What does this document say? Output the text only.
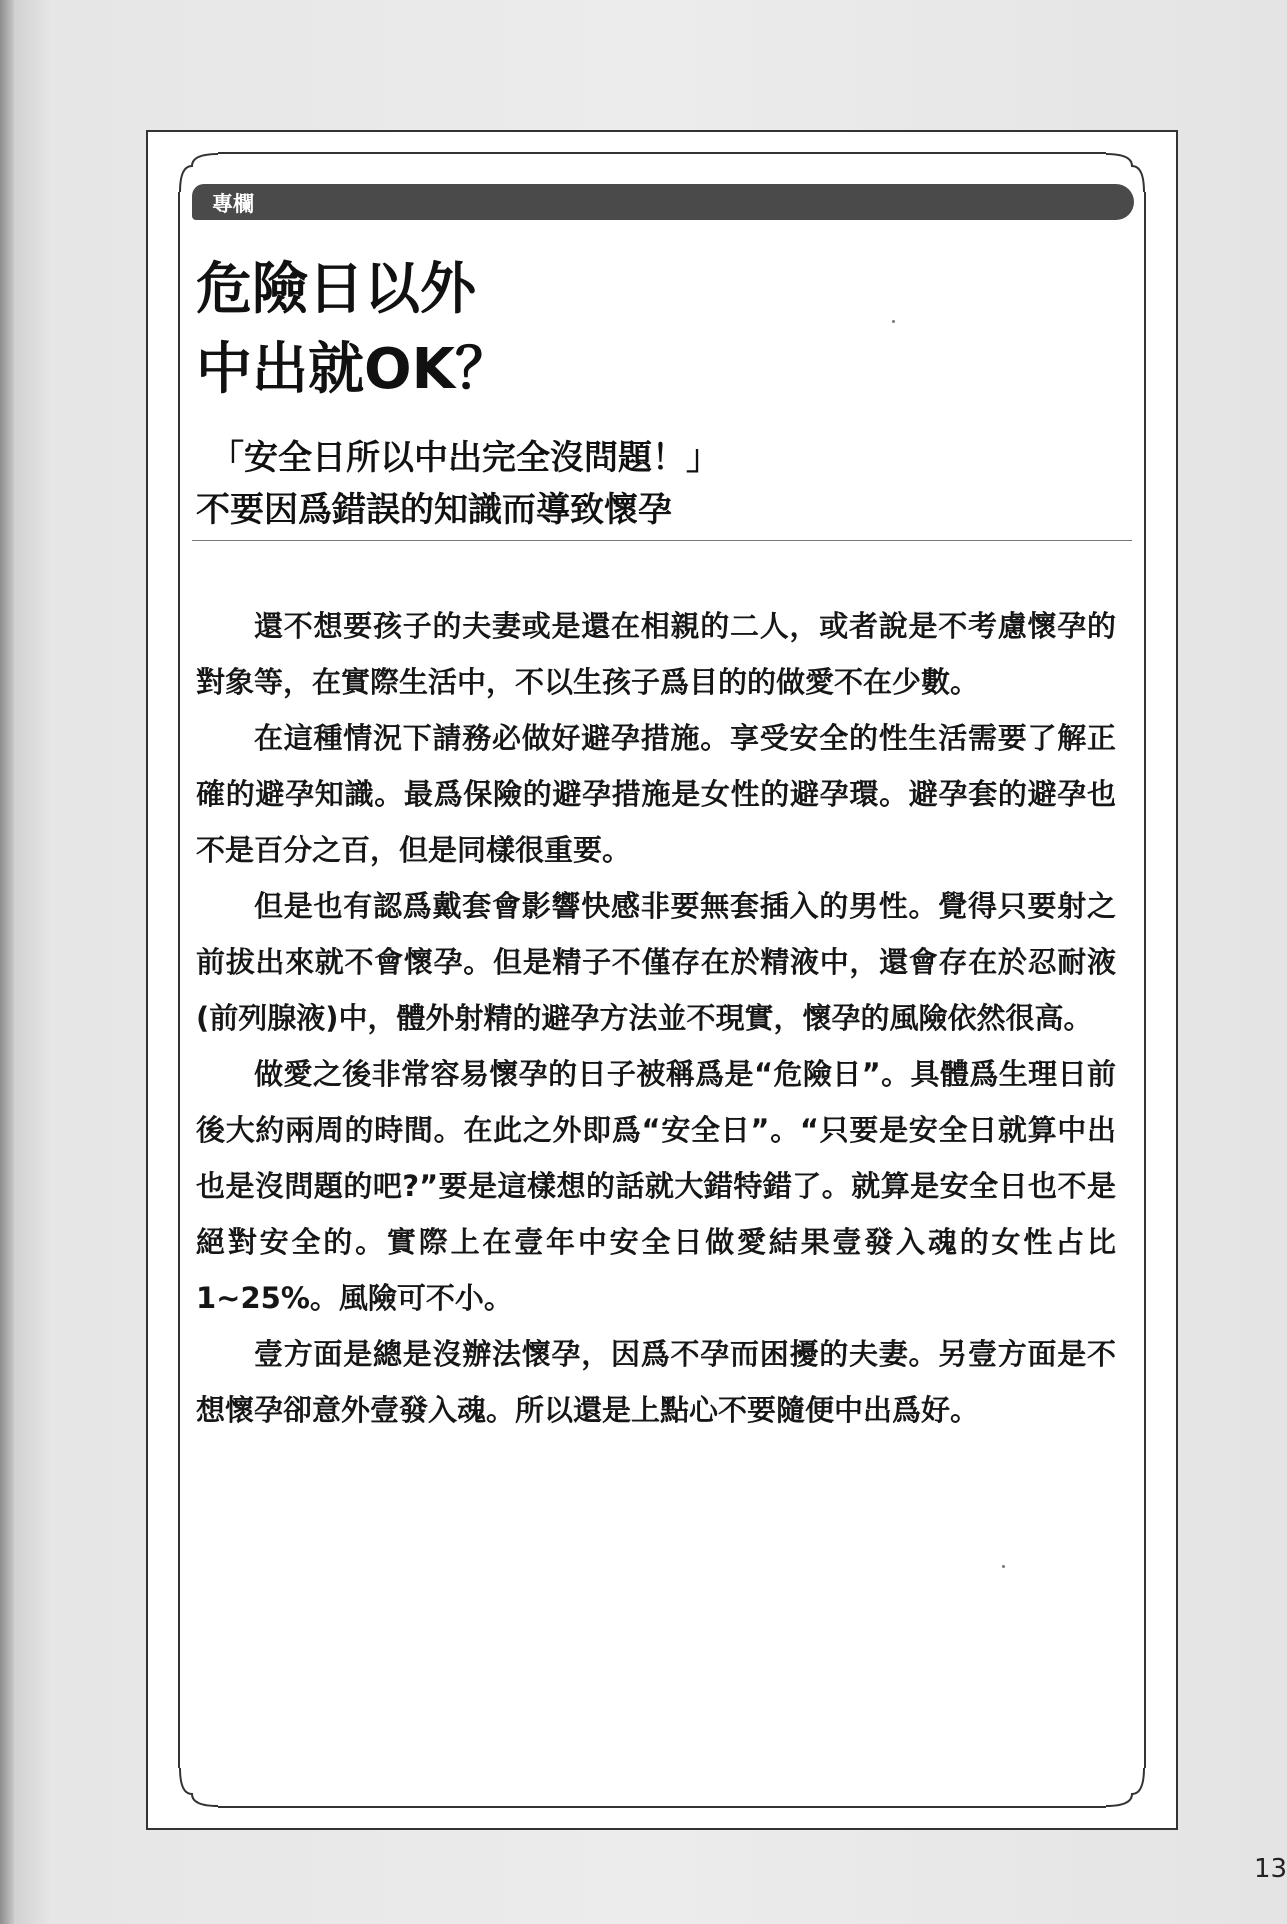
專欄
危險日以外
中出就OK？
「安全日所以中出完全沒問題！」
不要因爲錯誤的知識而導致懷孕

還不想要孩子的夫妻或是還在相親的二人，或者說是不考慮懷孕的對象等，在實際生活中，不以生孩子爲目的的做愛不在少數。

在這種情況下請務必做好避孕措施。享受安全的性生活需要了解正確的避孕知識。最爲保險的避孕措施是女性的避孕環。避孕套的避孕也不是百分之百，但是同樣很重要。

但是也有認爲戴套會影響快感非要無套插入的男性。覺得只要射之前拔出來就不會懷孕。但是精子不僅存在於精液中，還會存在於忍耐液(前列腺液)中，體外射精的避孕方法並不現實，懷孕的風險依然很高。

做愛之後非常容易懷孕的日子被稱爲是“危險日”。具體爲生理日前後大約兩周的時間。在此之外即爲“安全日”。“只要是安全日就算中出也是沒問題的吧?”要是這樣想的話就大錯特錯了。就算是安全日也不是絕對安全的。實際上在壹年中安全日做愛結果壹發入魂的女性占比1~25%。風險可不小。

壹方面是總是沒辦法懷孕，因爲不孕而困擾的夫妻。另壹方面是不想懷孕卻意外壹發入魂。所以還是上點心不要隨便中出爲好。

13
